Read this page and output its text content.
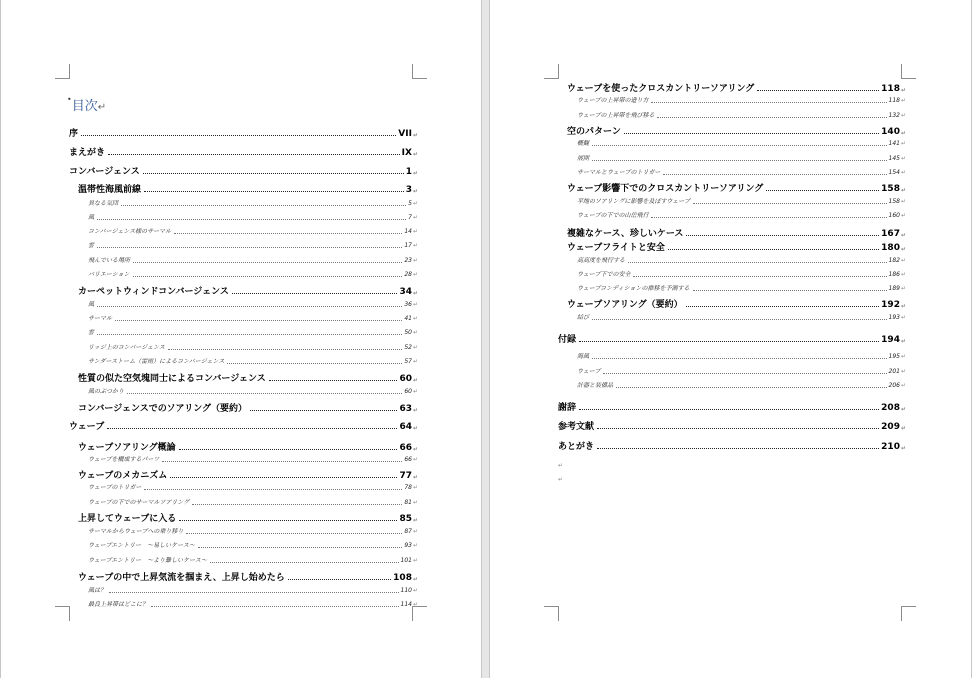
•目次↵
序	VII ↵
まえがき	IX ↵
コンバージェンス	1 ↵
温帯性海風前線	3 ↵
異なる気団	5 ↵
風	7 ↵
コンバージェンス様のサーマル	14 ↵
雲	17 ↵
飛んでいる場所	23 ↵
バリエーション	28 ↵
カーペットウィンドコンバージェンス	34 ↵
風	36 ↵
サーマル	41 ↵
雲	50 ↵
リッジ上のコンバージェンス	52 ↵
サンダーストーム（雷雨）によるコンバージェンス	57 ↵
性質の似た空気塊同士によるコンバージェンス	60 ↵
風のぶつかり	60 ↵
コンバージェンスでのソアリング（要約）	63 ↵
ウェーブ	64 ↵
ウェーブソアリング概論	66 ↵
ウェーブを構成するパーツ	66 ↵
ウェーブのメカニズム	77 ↵
ウェーブのトリガー	78 ↵
ウェーブの下でのサーマルソアリング	81 ↵
上昇してウェーブに入る	85 ↵
サーマルからウェーブへの乗り移り	87 ↵
ウェーブエントリー　～易しいケース～	93 ↵
ウェーブエントリー　～より難しいケース～	101 ↵
ウェーブの中で上昇気流を掴まえ、上昇し始めたら	108 ↵
風は？	110 ↵
最良上昇帯はどこに？	114 ↵
ウェーブを使ったクロスカントリーソアリング	118 ↵
ウェーブの上昇帯の造り方	118 ↵
ウェーブの上昇帯を飛び移る	132 ↵
空のパターン	140 ↵
概観	141 ↵
展開	145 ↵
サーマルとウェーブのトリガー	154 ↵
ウェーブ影響下でのクロスカントリーソアリング	158 ↵
平地のソアリングに影響を及ぼすウェーブ	158 ↵
ウェーブの下での山岳飛行	160 ↵
複雑なケース、珍しいケース	167 ↵
ウェーブフライトと安全	180 ↵
高高度を飛行する	182 ↵
ウェーブ下での安全	186 ↵
ウェーブコンディションの推移を予測する	189 ↵
ウェーブソアリング（要約）	192 ↵
結び	193 ↵
付録	194 ↵
海風	195 ↵
ウェーブ	201 ↵
計器と装備品	206 ↵
謝辞	208 ↵
参考文献	209 ↵
あとがき	210 ↵
↵
↵
